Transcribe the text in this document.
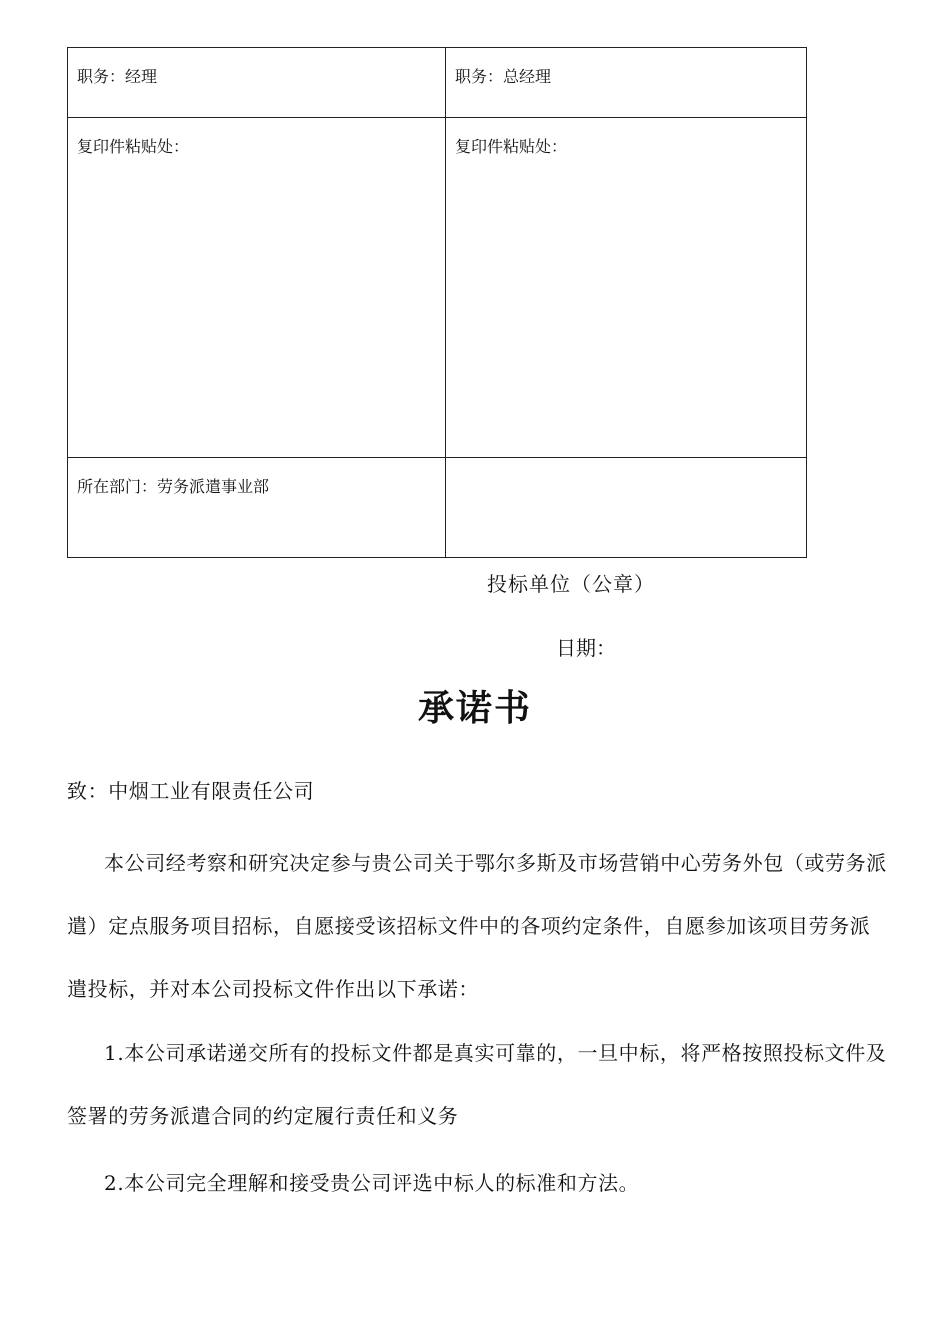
职务：经理	职务：总经理
复印件粘贴处：	复印件粘贴处：
所在部门：劳务派遣事业部
投标单位（公章）
日期：
承诺书

致：中烟工业有限责任公司

本公司经考察和研究决定参与贵公司关于鄂尔多斯及市场营销中心劳务外包（或劳务派遣）定点服务项目招标，自愿接受该招标文件中的各项约定条件，自愿参加该项目劳务派遣投标，并对本公司投标文件作出以下承诺：

1.本公司承诺递交所有的投标文件都是真实可靠的，一旦中标，将严格按照投标文件及签署的劳务派遣合同的约定履行责任和义务

2.本公司完全理解和接受贵公司评选中标人的标准和方法。
